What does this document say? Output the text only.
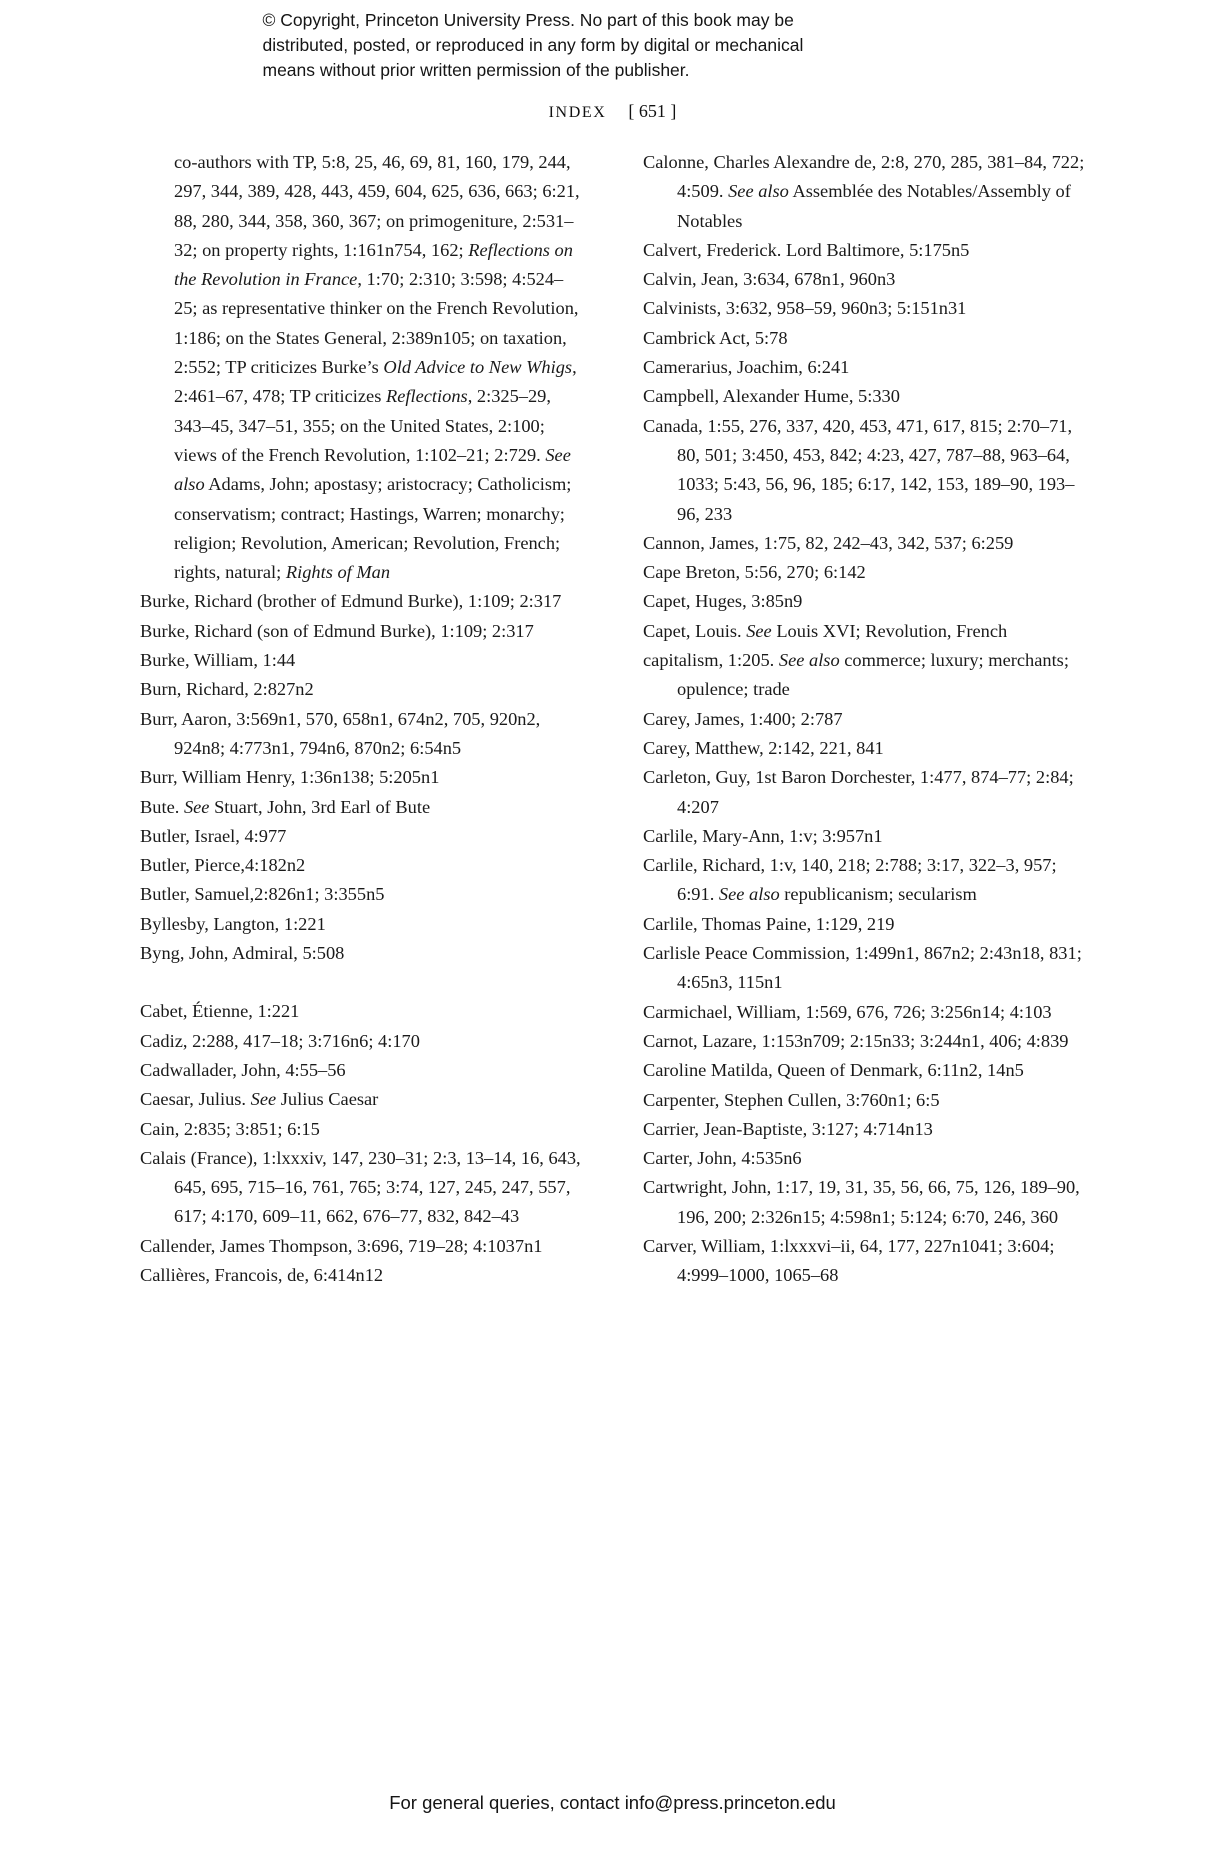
© Copyright, Princeton University Press. No part of this book may be
distributed, posted, or reproduced in any form by digital or mechanical
means without prior written permission of the publisher.
INDEX [ 651 ]

co-authors with TP, 5:8, 25, 46, 69, 81, 160, 179, 244, 297, 344, 389, 428, 443, 459, 604, 625, 636, 663; 6:21, 88, 280, 344, 358, 360, 367; on primogeniture, 2:531–32; on property rights, 1:161n754, 162; Reflections on the Revolution in France, 1:70; 2:310; 3:598; 4:524–25; as representative thinker on the French Revolution, 1:186; on the States General, 2:389n105; on taxation, 2:552; TP criticizes Burke’s Old Advice to New Whigs, 2:461–67, 478; TP criticizes Reflections, 2:325–29, 343–45, 347–51, 355; on the United States, 2:100; views of the French Revolution, 1:102–21; 2:729. See also Adams, John; apostasy; aristocracy; Catholicism; conservatism; contract; Hastings, Warren; monarchy; religion; Revolution, American; Revolution, French; rights, natural; Rights of Man

Burke, Richard (brother of Edmund Burke), 1:109; 2:317

Burke, Richard (son of Edmund Burke), 1:109; 2:317

Burke, William, 1:44

Burn, Richard, 2:827n2

Burr, Aaron, 3:569n1, 570, 658n1, 674n2, 705, 920n2, 924n8; 4:773n1, 794n6, 870n2; 6:54n5

Burr, William Henry, 1:36n138; 5:205n1

Bute. See Stuart, John, 3rd Earl of Bute

Butler, Israel, 4:977

Butler, Pierce,4:182n2

Butler, Samuel,2:826n1; 3:355n5

Byllesby, Langton, 1:221

Byng, John, Admiral, 5:508

Cabet, Étienne, 1:221

Cadiz, 2:288, 417–18; 3:716n6; 4:170

Cadwallader, John, 4:55–56

Caesar, Julius. See Julius Caesar

Cain, 2:835; 3:851; 6:15

Calais (France), 1:lxxxiv, 147, 230–31; 2:3, 13–14, 16, 643, 645, 695, 715–16, 761, 765; 3:74, 127, 245, 247, 557, 617; 4:170, 609–11, 662, 676–77, 832, 842–43

Callender, James Thompson, 3:696, 719–28; 4:1037n1

Callières, Francois, de, 6:414n12

Calonne, Charles Alexandre de, 2:8, 270, 285, 381–84, 722; 4:509. See also Assemblée des Notables/Assembly of Notables

Calvert, Frederick. Lord Baltimore, 5:175n5

Calvin, Jean, 3:634, 678n1, 960n3

Calvinists, 3:632, 958–59, 960n3; 5:151n31

Cambrick Act, 5:78

Camerarius, Joachim, 6:241

Campbell, Alexander Hume, 5:330

Canada, 1:55, 276, 337, 420, 453, 471, 617, 815; 2:70–71, 80, 501; 3:450, 453, 842; 4:23, 427, 787–88, 963–64, 1033; 5:43, 56, 96, 185; 6:17, 142, 153, 189–90, 193–96, 233

Cannon, James, 1:75, 82, 242–43, 342, 537; 6:259

Cape Breton, 5:56, 270; 6:142

Capet, Huges, 3:85n9

Capet, Louis. See Louis XVI; Revolution, French

capitalism, 1:205. See also commerce; luxury; merchants; opulence; trade

Carey, James, 1:400; 2:787

Carey, Matthew, 2:142, 221, 841

Carleton, Guy, 1st Baron Dorchester, 1:477, 874–77; 2:84; 4:207

Carlile, Mary-Ann, 1:v; 3:957n1

Carlile, Richard, 1:v, 140, 218; 2:788; 3:17, 322–3, 957; 6:91. See also republicanism; secularism

Carlile, Thomas Paine, 1:129, 219

Carlisle Peace Commission, 1:499n1, 867n2; 2:43n18, 831; 4:65n3, 115n1

Carmichael, William, 1:569, 676, 726; 3:256n14; 4:103

Carnot, Lazare, 1:153n709; 2:15n33; 3:244n1, 406; 4:839

Caroline Matilda, Queen of Denmark, 6:11n2, 14n5

Carpenter, Stephen Cullen, 3:760n1; 6:5

Carrier, Jean-Baptiste, 3:127; 4:714n13

Carter, John, 4:535n6

Cartwright, John, 1:17, 19, 31, 35, 56, 66, 75, 126, 189–90, 196, 200; 2:326n15; 4:598n1; 5:124; 6:70, 246, 360

Carver, William, 1:lxxxvi–ii, 64, 177, 227n1041; 3:604; 4:999–1000, 1065–68

For general queries, contact info@press.princeton.edu
